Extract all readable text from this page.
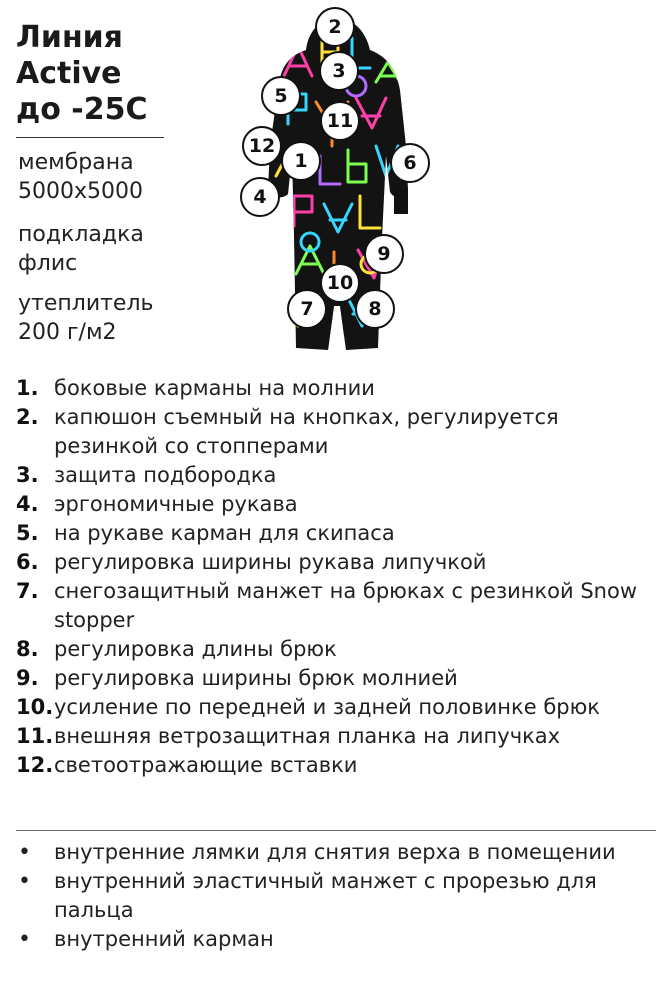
Линия
Active
до -25С
мембрана
5000х5000
подкладка
флис
утеплитель
200 г/м2
2
3
5
11
12
1	6
4
9
10
7	8
1. боковые карманы на молнии
2. капюшон съемный на кнопках, регулируется резинкой со стопперами
3. защита подбородка
4. эргономичные рукава
5. на рукаве карман для скипаса
6. регулировка ширины рукава липучкой
7. снегозащитный манжет на брюках с резинкой Snow stopper
8. регулировка длины брюк
9. регулировка ширины брюк молнией
10. усиление по передней и задней половинке брюк
11. внешняя ветрозащитная планка на липучках
12. светоотражающие вставки
•	внутренние лямки для снятия верха в помещении
•	внутренний эластичный манжет с прорезью для пальца
•	внутренний карман
